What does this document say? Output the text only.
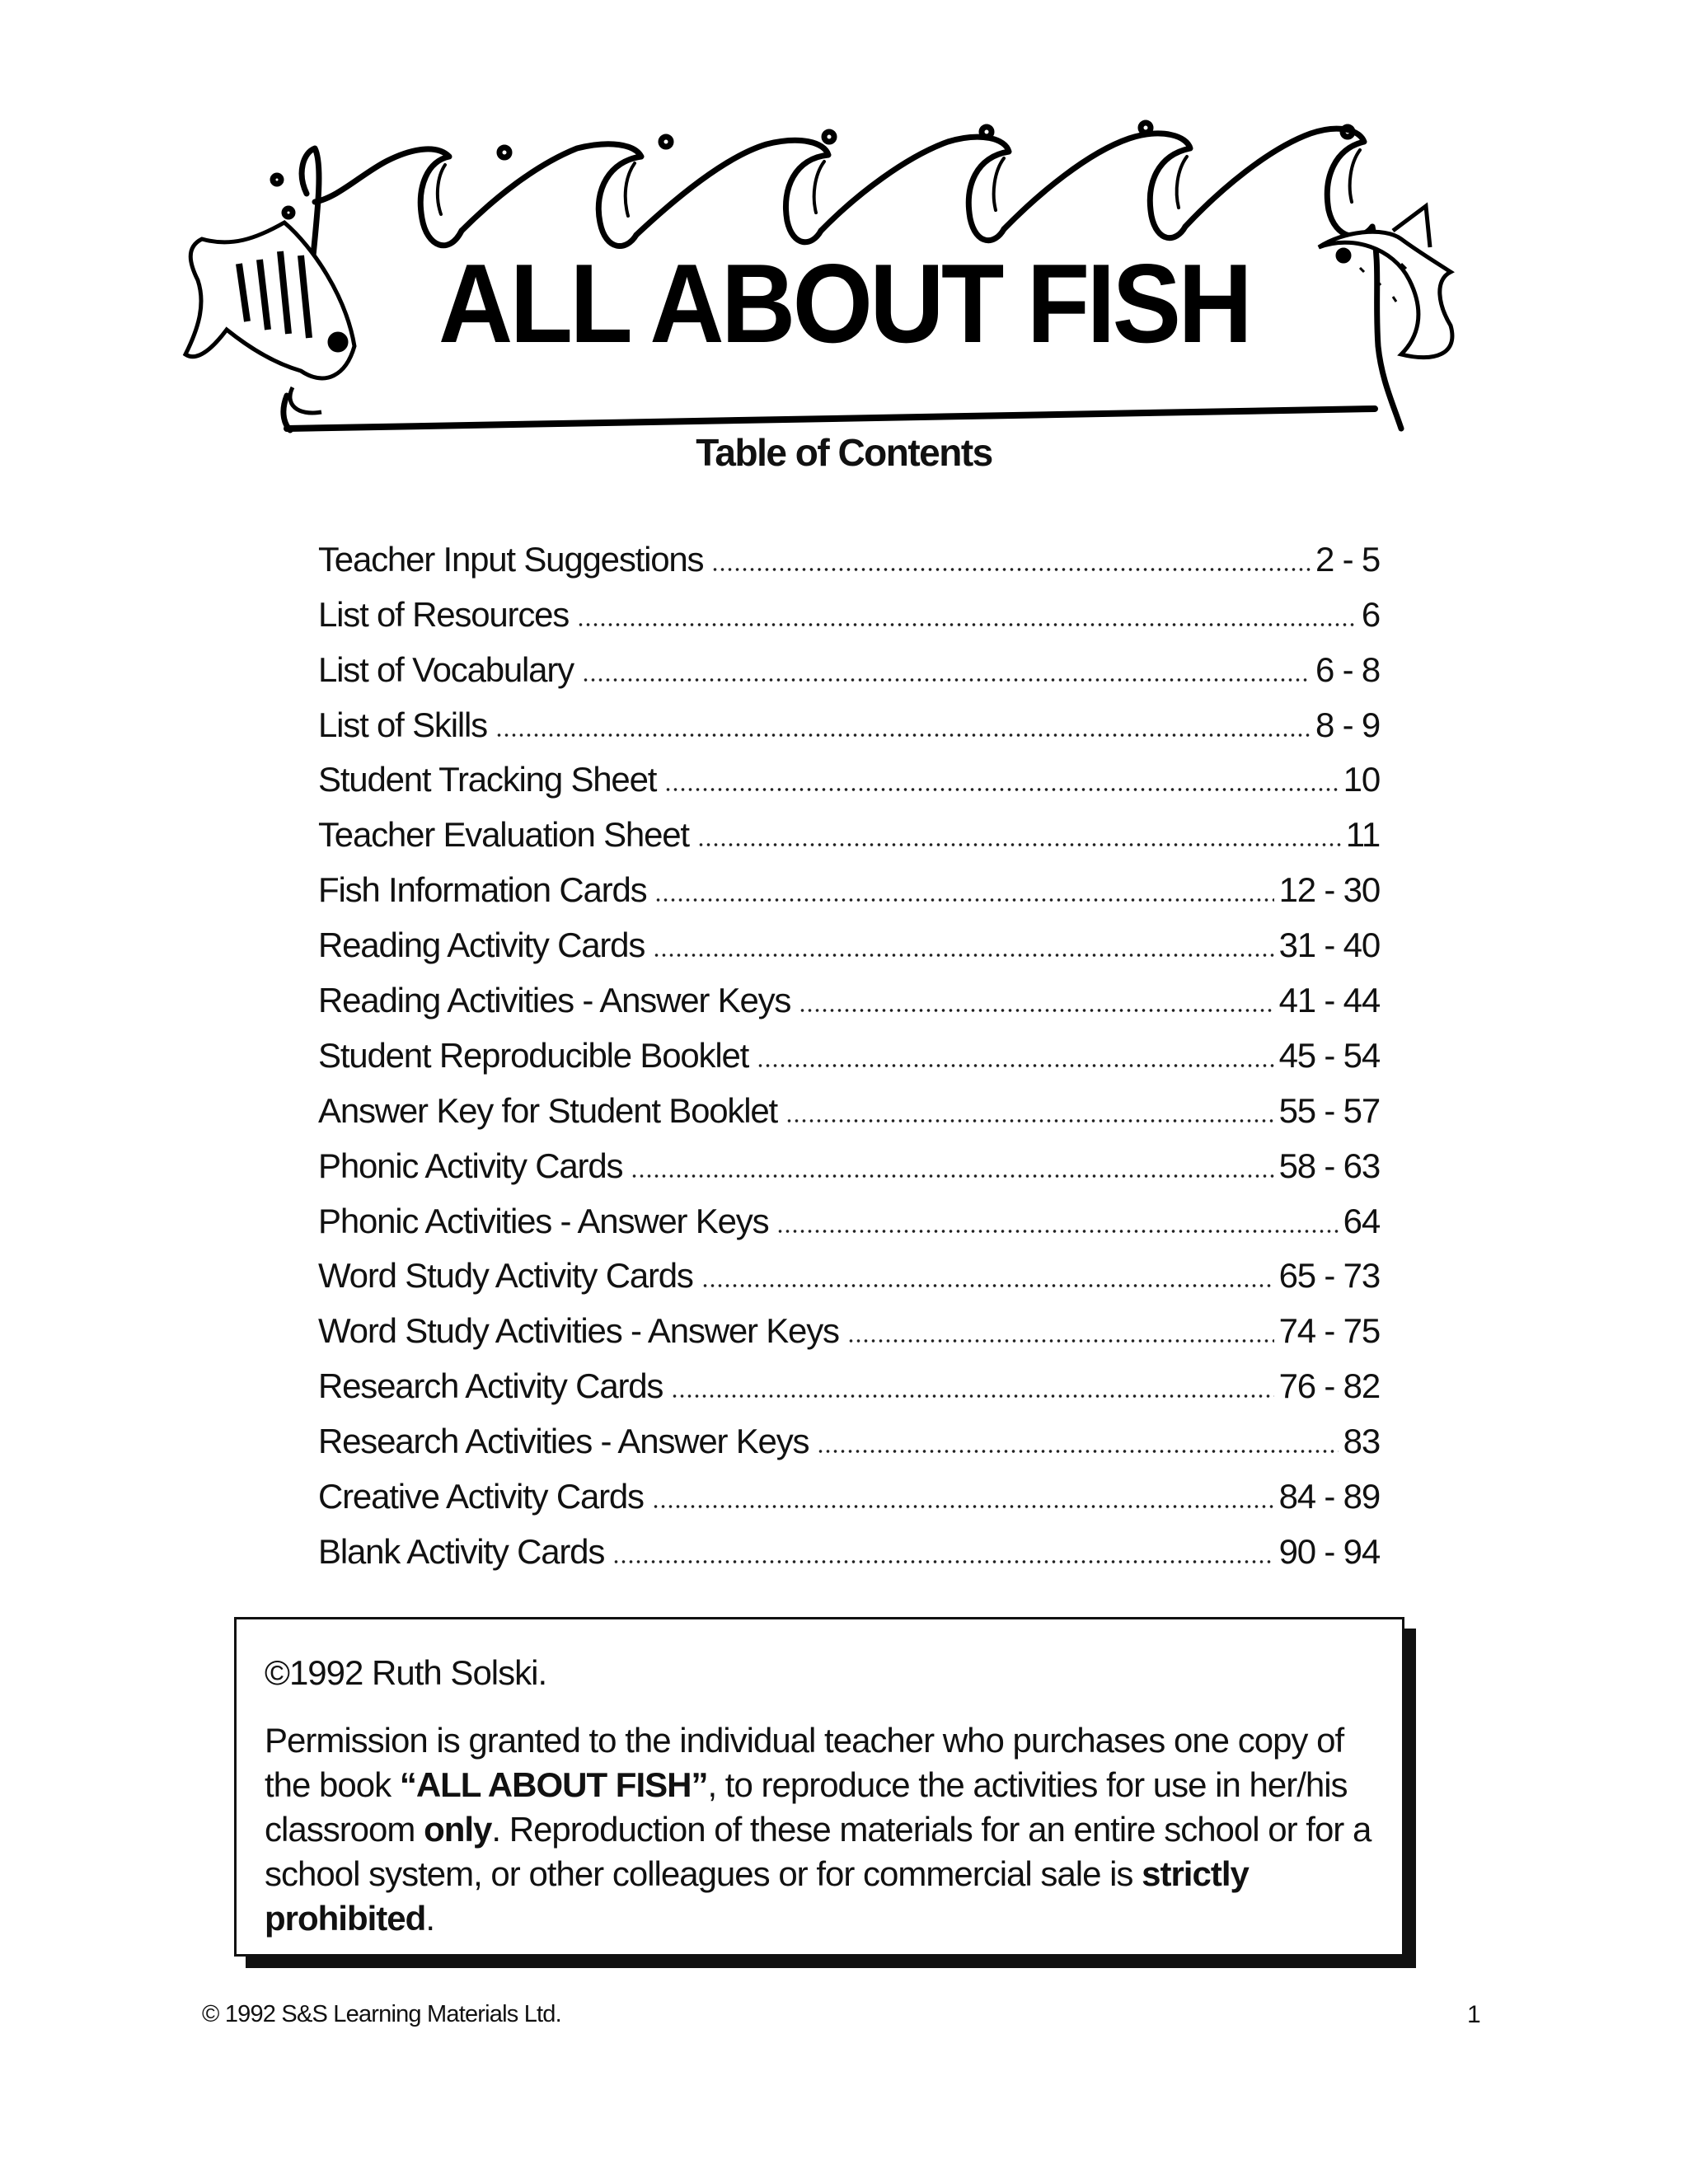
ALL ABOUT FISH
Table of Contents
Teacher Input Suggestions	2 - 5
List of Resources	6
List of Vocabulary	6 - 8
List of Skills	8 - 9
Student Tracking Sheet	10
Teacher Evaluation Sheet	11
Fish Information Cards	12 - 30
Reading Activity Cards	31 - 40
Reading Activities - Answer Keys	41 - 44
Student Reproducible Booklet	45 - 54
Answer Key for Student Booklet	55 - 57
Phonic Activity Cards	58 - 63
Phonic Activities - Answer Keys	64
Word Study Activity Cards	65 - 73
Word Study Activities - Answer Keys	74 - 75
Research Activity Cards	76 - 82
Research Activities - Answer Keys	83
Creative Activity Cards	84 - 89
Blank Activity Cards	90 - 94
©1992 Ruth Solski.
Permission is granted to the individual teacher who purchases one copy of the book “ALL ABOUT FISH”, to reproduce the activities for use in her/his classroom only. Reproduction of these materials for an entire school or for a school system, or other colleagues or for commercial sale is strictly prohibited.
© 1992 S&S Learning Materials Ltd.	1
